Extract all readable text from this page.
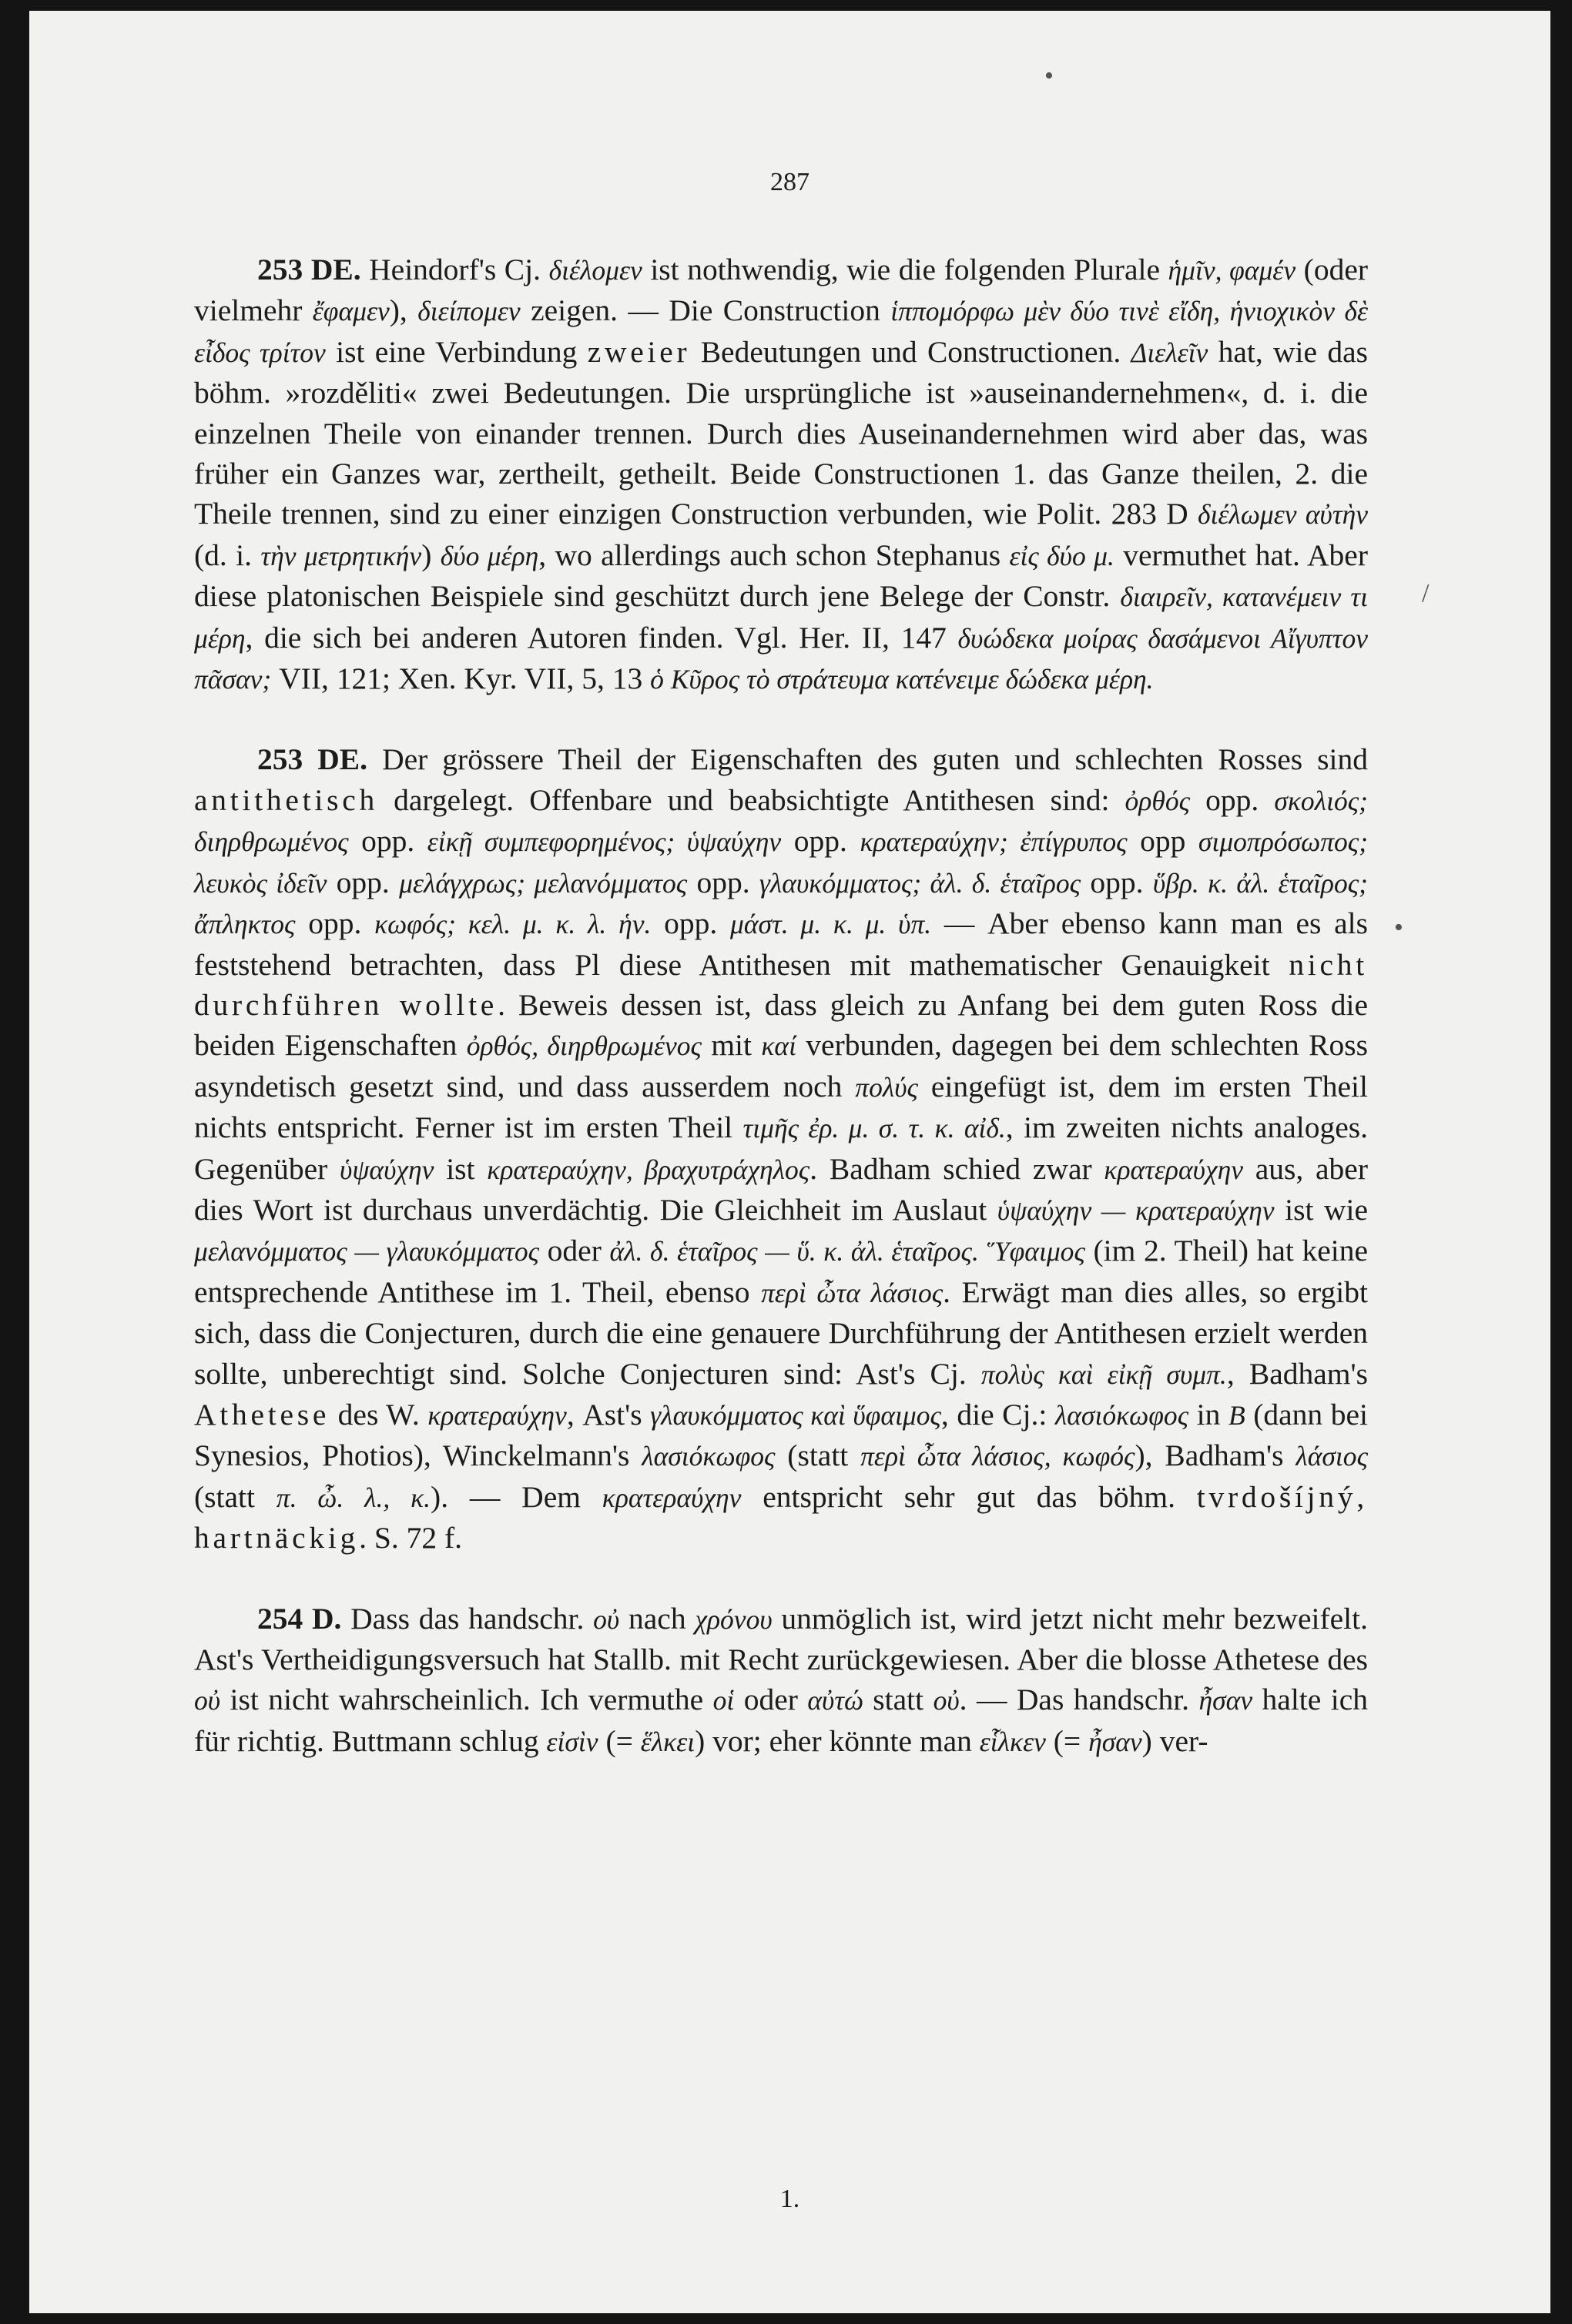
287

253 DE. Heindorf's Cj. διέλομεν ist nothwendig, wie die folgenden Plurale ἡμῖν, φαμέν (oder vielmehr ἔφαμεν), διείπομεν zeigen. — Die Construction ἱππομόρφω μὲν δύο τινὲ εἴδη, ἡνιοχικὸν δὲ εἶδος τρίτον ist eine Verbindung zweier Bedeutungen und Constructionen. Διελεῖν hat, wie das böhm. »rozděliti« zwei Bedeutungen. Die ursprüngliche ist »auseinandernehmen«, d. i. die einzelnen Theile von einander trennen. Durch dies Auseinandernehmen wird aber das, was früher ein Ganzes war, zertheilt, getheilt. Beide Constructionen 1. das Ganze theilen, 2. die Theile trennen, sind zu einer einzigen Construction verbunden, wie Polit. 283 D διέλωμεν αὐτὴν (d. i. τὴν μετρητικήν) δύο μέρη, wo allerdings auch schon Stephanus εἰς δύο μ. vermuthet hat. Aber diese platonischen Beispiele sind geschützt durch jene Belege der Constr. διαιρεῖν, κατανέμειν τι μέρη, die sich bei anderen Autoren finden. Vgl. Her. II, 147 δυώδεκα μοίρας δασάμενοι Αἴγυπτον πᾶσαν; VII, 121; Xen. Kyr. VII, 5, 13 ὁ Κῦρος τὸ στράτευμα κατένειμε δώδεκα μέρη.

253 DE. Der grössere Theil der Eigenschaften des guten und schlechten Rosses sind antithetisch dargelegt. Offenbare und beabsichtigte Antithesen sind: ὀρθός opp. σκολιός; διηρθρωμένος opp. εἰκῇ συμπεφορημένος; ὑψαύχην opp. κρατεραύχην; ἐπίγρυπος opp σιμοπρόσωπος; λευκὸς ἰδεῖν opp. μελάγχρως; μελανόμματος opp. γλαυκόμματος; ἀλ. δ. ἑταῖρος opp. ὕβρ. κ. ἀλ. ἑταῖρος; ἄπληκτος opp. κωφός; κελ. μ. κ. λ. ἡν. opp. μάστ. μ. κ. μ. ὑπ. — Aber ebenso kann man es als feststehend betrachten, dass Pl diese Antithesen mit mathematischer Genauigkeit nicht durchführen wollte. Beweis dessen ist, dass gleich zu Anfang bei dem guten Ross die beiden Eigenschaften ὀρθός, διηρθρωμένος mit καί verbunden, dagegen bei dem schlechten Ross asyndetisch gesetzt sind, und dass ausserdem noch πολύς eingefügt ist, dem im ersten Theil nichts entspricht. Ferner ist im ersten Theil τιμῆς ἐρ. μ. σ. τ. κ. αἰδ., im zweiten nichts analoges. Gegenüber ὑψαύχην ist κρατεραύχην, βραχυτράχηλος. Badham schied zwar κρατεραύχην aus, aber dies Wort ist durchaus unverdächtig. Die Gleichheit im Auslaut ὑψαύχην — κρατεραύχην ist wie μελανόμματος — γλαυκόμματος oder ἀλ. δ. ἑταῖρος — ὕ. κ. ἀλ. ἑταῖρος. Ὕφαιμος (im 2. Theil) hat keine entsprechende Antithese im 1. Theil, ebenso περὶ ὦτα λάσιος. Erwägt man dies alles, so ergibt sich, dass die Conjecturen, durch die eine genauere Durchführung der Antithesen erzielt werden sollte, unberechtigt sind. Solche Conjecturen sind: Ast's Cj. πολὺς καὶ εἰκῇ συμπ., Badham's Athetese des W. κρατεραύχην, Ast's γλαυκόμματος καὶ ὕφαιμος, die Cj.: λασιόκωφος in B (dann bei Synesios, Photios), Winckelmann's λασιόκωφος (statt περὶ ὦτα λάσιος, κωφός), Badham's λάσιος (statt π. ὦ. λ., κ.). — Dem κρατεραύχην entspricht sehr gut das böhm. tvrdošíjný, hartnäckig. S. 72 f.

254 D. Dass das handschr. οὐ nach χρόνου unmöglich ist, wird jetzt nicht mehr bezweifelt. Ast's Vertheidigungsversuch hat Stallb. mit Recht zurückgewiesen. Aber die blosse Athetese des οὐ ist nicht wahrscheinlich. Ich vermuthe οἱ oder αὐτώ statt οὐ. — Das handschr. ἦσαν halte ich für richtig. Buttmann schlug εἰσὶν (= ἕλκει) vor; eher könnte man εἷλκεν (= ἦσαν) ver-

•
/
•
1.
